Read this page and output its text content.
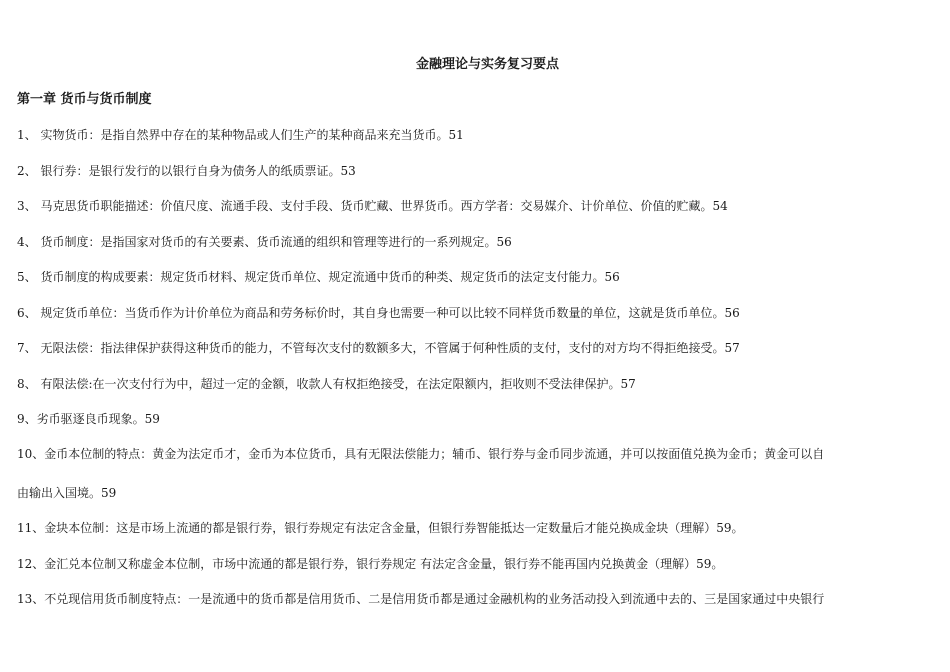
金融理论与实务复习要点
第一章 货币与货币制度
1、 实物货币：是指自然界中存在的某种物品或人们生产的某种商品来充当货币。51
2、 银行券：是银行发行的以银行自身为债务人的纸质票证。53
3、 马克思货币职能描述：价值尺度、流通手段、支付手段、货币贮藏、世界货币。西方学者：交易媒介、计价单位、价值的贮藏。54
4、 货币制度：是指国家对货币的有关要素、货币流通的组织和管理等进行的一系列规定。56
5、 货币制度的构成要素：规定货币材料、规定货币单位、规定流通中货币的种类、规定货币的法定支付能力。56
6、 规定货币单位：当货币作为计价单位为商品和劳务标价时，其自身也需要一种可以比较不同样货币数量的单位，这就是货币单位。56
7、 无限法偿：指法律保护获得这种货币的能力，不管每次支付的数额多大，不管属于何种性质的支付，支付的对方均不得拒绝接受。57
8、 有限法偿:在一次支付行为中，超过一定的金额，收款人有权拒绝接受，在法定限额内，拒收则不受法律保护。57
9、劣币驱逐良币现象。59
10、金币本位制的特点：黄金为法定币才，金币为本位货币，具有无限法偿能力；辅币、银行券与金币同步流通，并可以按面值兑换为金币；黄金可以自
由输出入国境。59
11、金块本位制：这是市场上流通的都是银行券，银行券规定有法定含金量，但银行券智能抵达一定数量后才能兑换成金块（理解）59。
12、金汇兑本位制又称虚金本位制，市场中流通的都是银行券，银行券规定 有法定含金量，银行券不能再国内兑换黄金（理解）59。
13、不兑现信用货币制度特点：一是流通中的货币都是信用货币、二是信用货币都是通过金融机构的业务活动投入到流通中去的、三是国家通过中央银行
